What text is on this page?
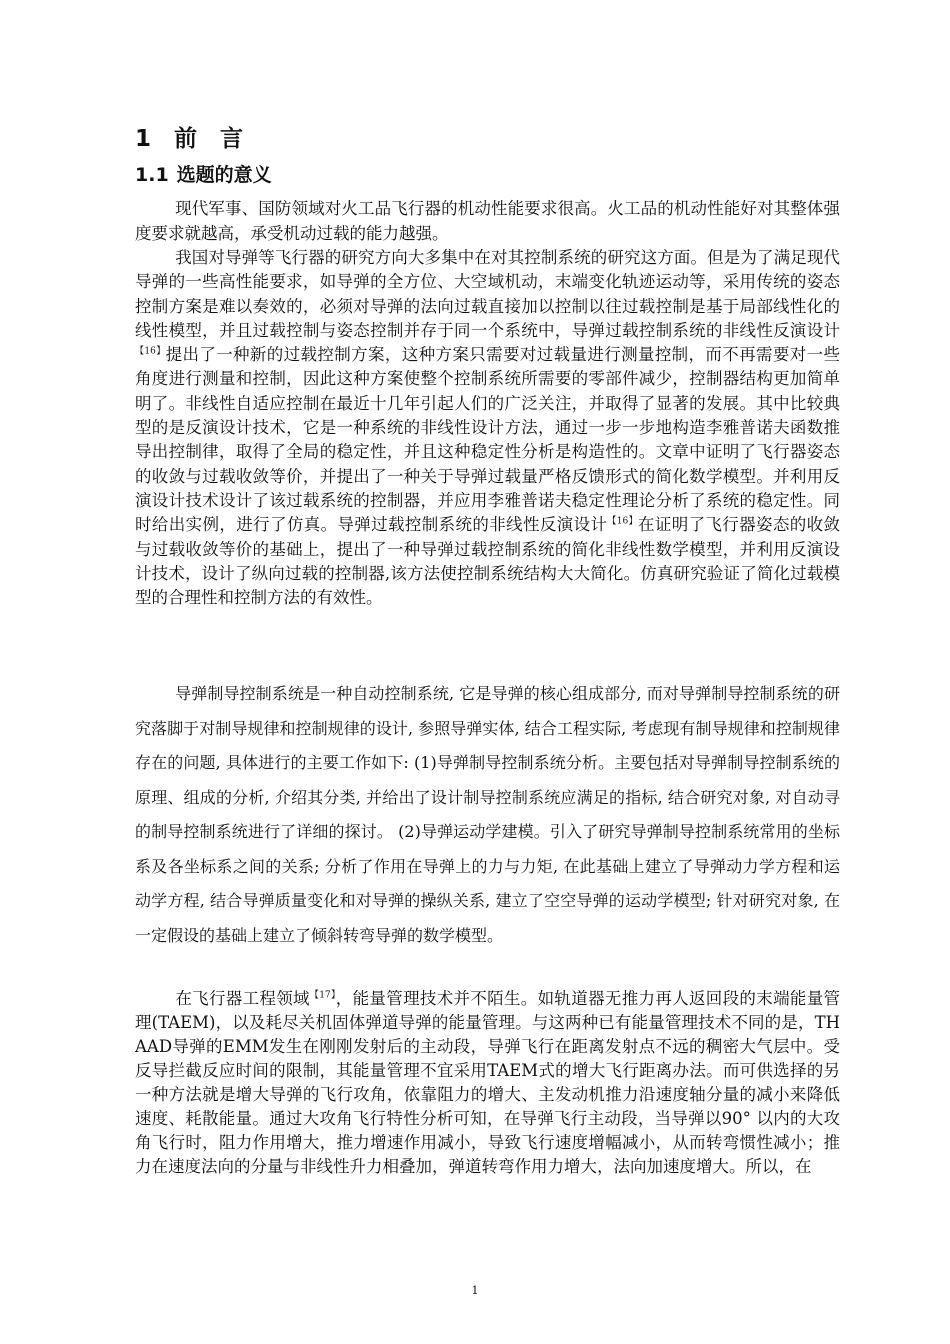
1 前 言
1.1 选题的意义

现代军事、国防领域对火工品飞行器的机动性能要求很高。火工品的机动性能好对其整体强度要求就越高，承受机动过载的能力越强。

我国对导弹等飞行器的研究方向大多集中在对其控制系统的研究这方面。但是为了满足现代导弹的一些高性能要求，如导弹的全方位、大空域机动，末端变化轨迹运动等，采用传统的姿态控制方案是难以奏效的，必须对导弹的法向过载直接加以控制以往过载控制是基于局部线性化的线性模型，并且过载控制与姿态控制并存于同一个系统中，导弹过载控制系统的非线性反演设计$^{【16】}$提出了一种新的过载控制方案，这种方案只需要对过载量进行测量控制，而不再需要对一些角度进行测量和控制，因此这种方案使整个控制系统所需要的零部件减少，控制器结构更加简单明了。非线性自适应控制在最近十几年引起人们的广泛关注，并取得了显著的发展。其中比较典型的是反演设计技术，它是一种系统的非线性设计方法，通过一步一步地构造李雅普诺夫函数推导出控制律，取得了全局的稳定性，并且这种稳定性分析是构造性的。文章中证明了飞行器姿态的收敛与过载收敛等价，并提出了一种关于导弹过载量严格反馈形式的简化数学模型。并利用反演设计技术设计了该过载系统的控制器，并应用李雅普诺夫稳定性理论分析了系统的稳定性。同时给出实例，进行了仿真。导弹过载控制系统的非线性反演设计$^{【16】}$在证明了飞行器姿态的收敛与过载收敛等价的基础上，提出了一种导弹过载控制系统的简化非线性数学模型，并利用反演设计技术，设计了纵向过载的控制器,该方法使控制系统结构大大简化。仿真研究验证了简化过载模型的合理性和控制方法的有效性。

导弹制导控制系统是一种自动控制系统, 它是导弹的核心组成部分, 而对导弹制导控制系统的研究落脚于对制导规律和控制规律的设计, 参照导弹实体, 结合工程实际, 考虑现有制导规律和控制规律存在的问题, 具体进行的主要工作如下: (1)导弹制导控制系统分析。主要包括对导弹制导控制系统的原理、组成的分析, 介绍其分类, 并给出了设计制导控制系统应满足的指标, 结合研究对象, 对自动寻的制导控制系统进行了详细的探讨。 (2)导弹运动学建模。引入了研究导弹制导控制系统常用的坐标系及各坐标系之间的关系; 分析了作用在导弹上的力与力矩, 在此基础上建立了导弹动力学方程和运动学方程, 结合导弹质量变化和对导弹的操纵关系, 建立了空空导弹的运动学模型; 针对研究对象, 在一定假设的基础上建立了倾斜转弯导弹的数学模型。

在飞行器工程领域$^{【17】}$，能量管理技术并不陌生。如轨道器无推力再人返回段的末端能量管理(TAEM)，以及耗尽关机固体弹道导弹的能量管理。与这两种已有能量管理技术不同的是，THAAD导弹的EMM发生在刚刚发射后的主动段，导弹飞行在距离发射点不远的稠密大气层中。受反导拦截反应时间的限制，其能量管理不宜采用TAEM式的增大飞行距离办法。而可供选择的另一种方法就是增大导弹的飞行攻角，依靠阻力的增大、主发动机推力沿速度轴分量的减小来降低速度、耗散能量。通过大攻角飞行特性分析可知，在导弹飞行主动段，当导弹以90° 以内的大攻角飞行时，阻力作用增大，推力增速作用减小，导致飞行速度增幅减小，从而转弯惯性减小；推力在速度法向的分量与非线性升力相叠加，弹道转弯作用力增大，法向加速度增大。所以，在

1
